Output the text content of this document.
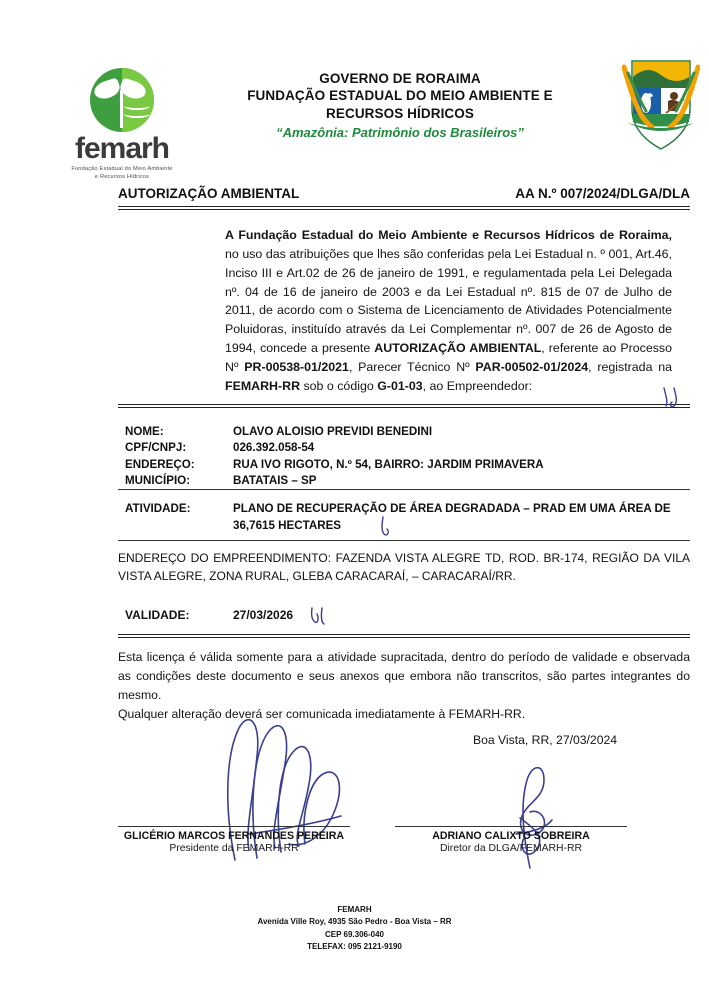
femarh
Fundação Estadual do Meio Ambiente
e Recursos Hídricos
GOVERNO DE RORAIMA
FUNDAÇÃO ESTADUAL DO MEIO AMBIENTE E
RECURSOS HÍDRICOS
“Amazônia: Patrimônio dos Brasileiros”
AUTORIZAÇÃO AMBIENTAL	AA N.º 007/2024/DLGA/DLA
A Fundação Estadual do Meio Ambiente e Recursos Hídricos de Roraima, no uso das atribuições que lhes são conferidas pela Lei Estadual n. º 001, Art.46, Inciso III e Art.02 de 26 de janeiro de 1991, e regulamentada pela Lei Delegada nº. 04 de 16 de janeiro de 2003 e da Lei Estadual nº. 815 de 07 de Julho de 2011, de acordo com o Sistema de Licenciamento de Atividades Potencialmente Poluidoras, instituído através da Lei Complementar nº. 007 de 26 de Agosto de 1994, concede a presente AUTORIZAÇÃO AMBIENTAL, referente ao Processo Nº PR-00538-01/2021, Parecer Técnico Nº PAR-00502-01/2024, registrada na FEMARH-RR sob o código G-01-03, ao Empreendedor:
NOME:	OLAVO ALOISIO PREVIDI BENEDINI
CPF/CNPJ:	026.392.058-54
ENDEREÇO:	RUA IVO RIGOTO, N.º 54, BAIRRO: JARDIM PRIMAVERA
MUNICÍPIO:	BATATAIS – SP
ATIVIDADE:	PLANO DE RECUPERAÇÃO DE ÁREA DEGRADADA – PRAD EM UMA ÁREA DE 36,7615 HECTARES
ENDEREÇO DO EMPREENDIMENTO: FAZENDA VISTA ALEGRE TD, ROD. BR-174, REGIÃO DA VILA VISTA ALEGRE, ZONA RURAL, GLEBA CARACARAÍ, – CARACARAÍ/RR.
VALIDADE:	27/03/2026

Esta licença é válida somente para a atividade supracitada, dentro do período de validade e observada as condições deste documento e seus anexos que embora não transcritos, são partes integrantes do mesmo.

Qualquer alteração deverá ser comunicada imediatamente à FEMARH-RR.

Boa Vista, RR, 27/03/2024
GLICÉRIO MARCOS FERNANDES PEREIRA
Presidente da FEMARH-RR
ADRIANO CALIXTO SOBREIRA
Diretor da DLGA/FEMARH-RR
FEMARH
Avenida Ville Roy, 4935 São Pedro - Boa Vista – RR
CEP 69.306-040
TELEFAX: 095 2121-9190
